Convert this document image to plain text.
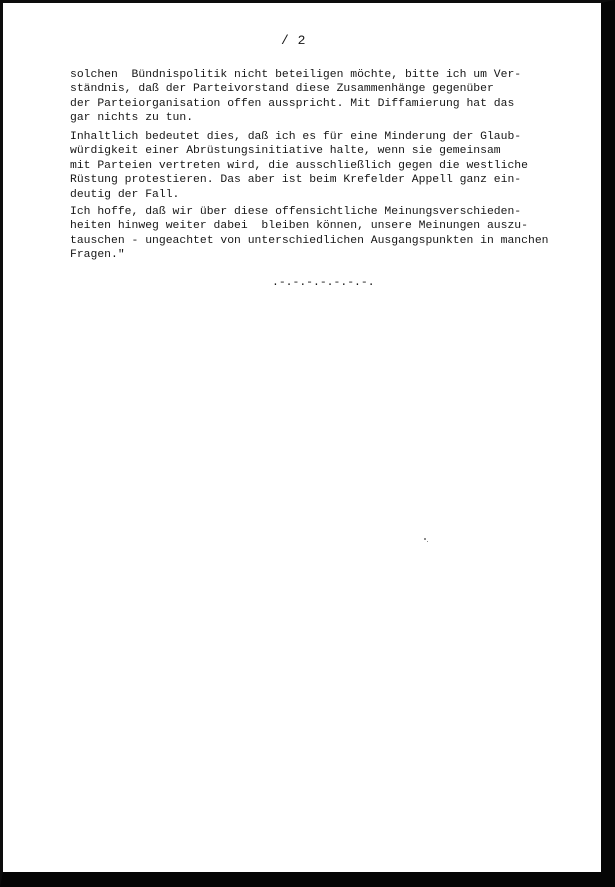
/ 2
solchen  Bündnispolitik nicht beteiligen möchte, bitte ich um Ver-
ständnis, daß der Parteivorstand diese Zusammenhänge gegenüber
der Parteiorganisation offen ausspricht. Mit Diffamierung hat das
gar nichts zu tun.
Inhaltlich bedeutet dies, daß ich es für eine Minderung der Glaub-
würdigkeit einer Abrüstungsinitiative halte, wenn sie gemeinsam
mit Parteien vertreten wird, die ausschließlich gegen die westliche
Rüstung protestieren. Das aber ist beim Krefelder Appell ganz ein-
deutig der Fall.
Ich hoffe, daß wir über diese offensichtliche Meinungsverschieden-
heiten hinweg weiter dabei  bleiben können, unsere Meinungen auszu-
tauschen - ungeachtet von unterschiedlichen Ausgangspunkten in manchen
Fragen."
.-.-.-.-.-.-.-.
